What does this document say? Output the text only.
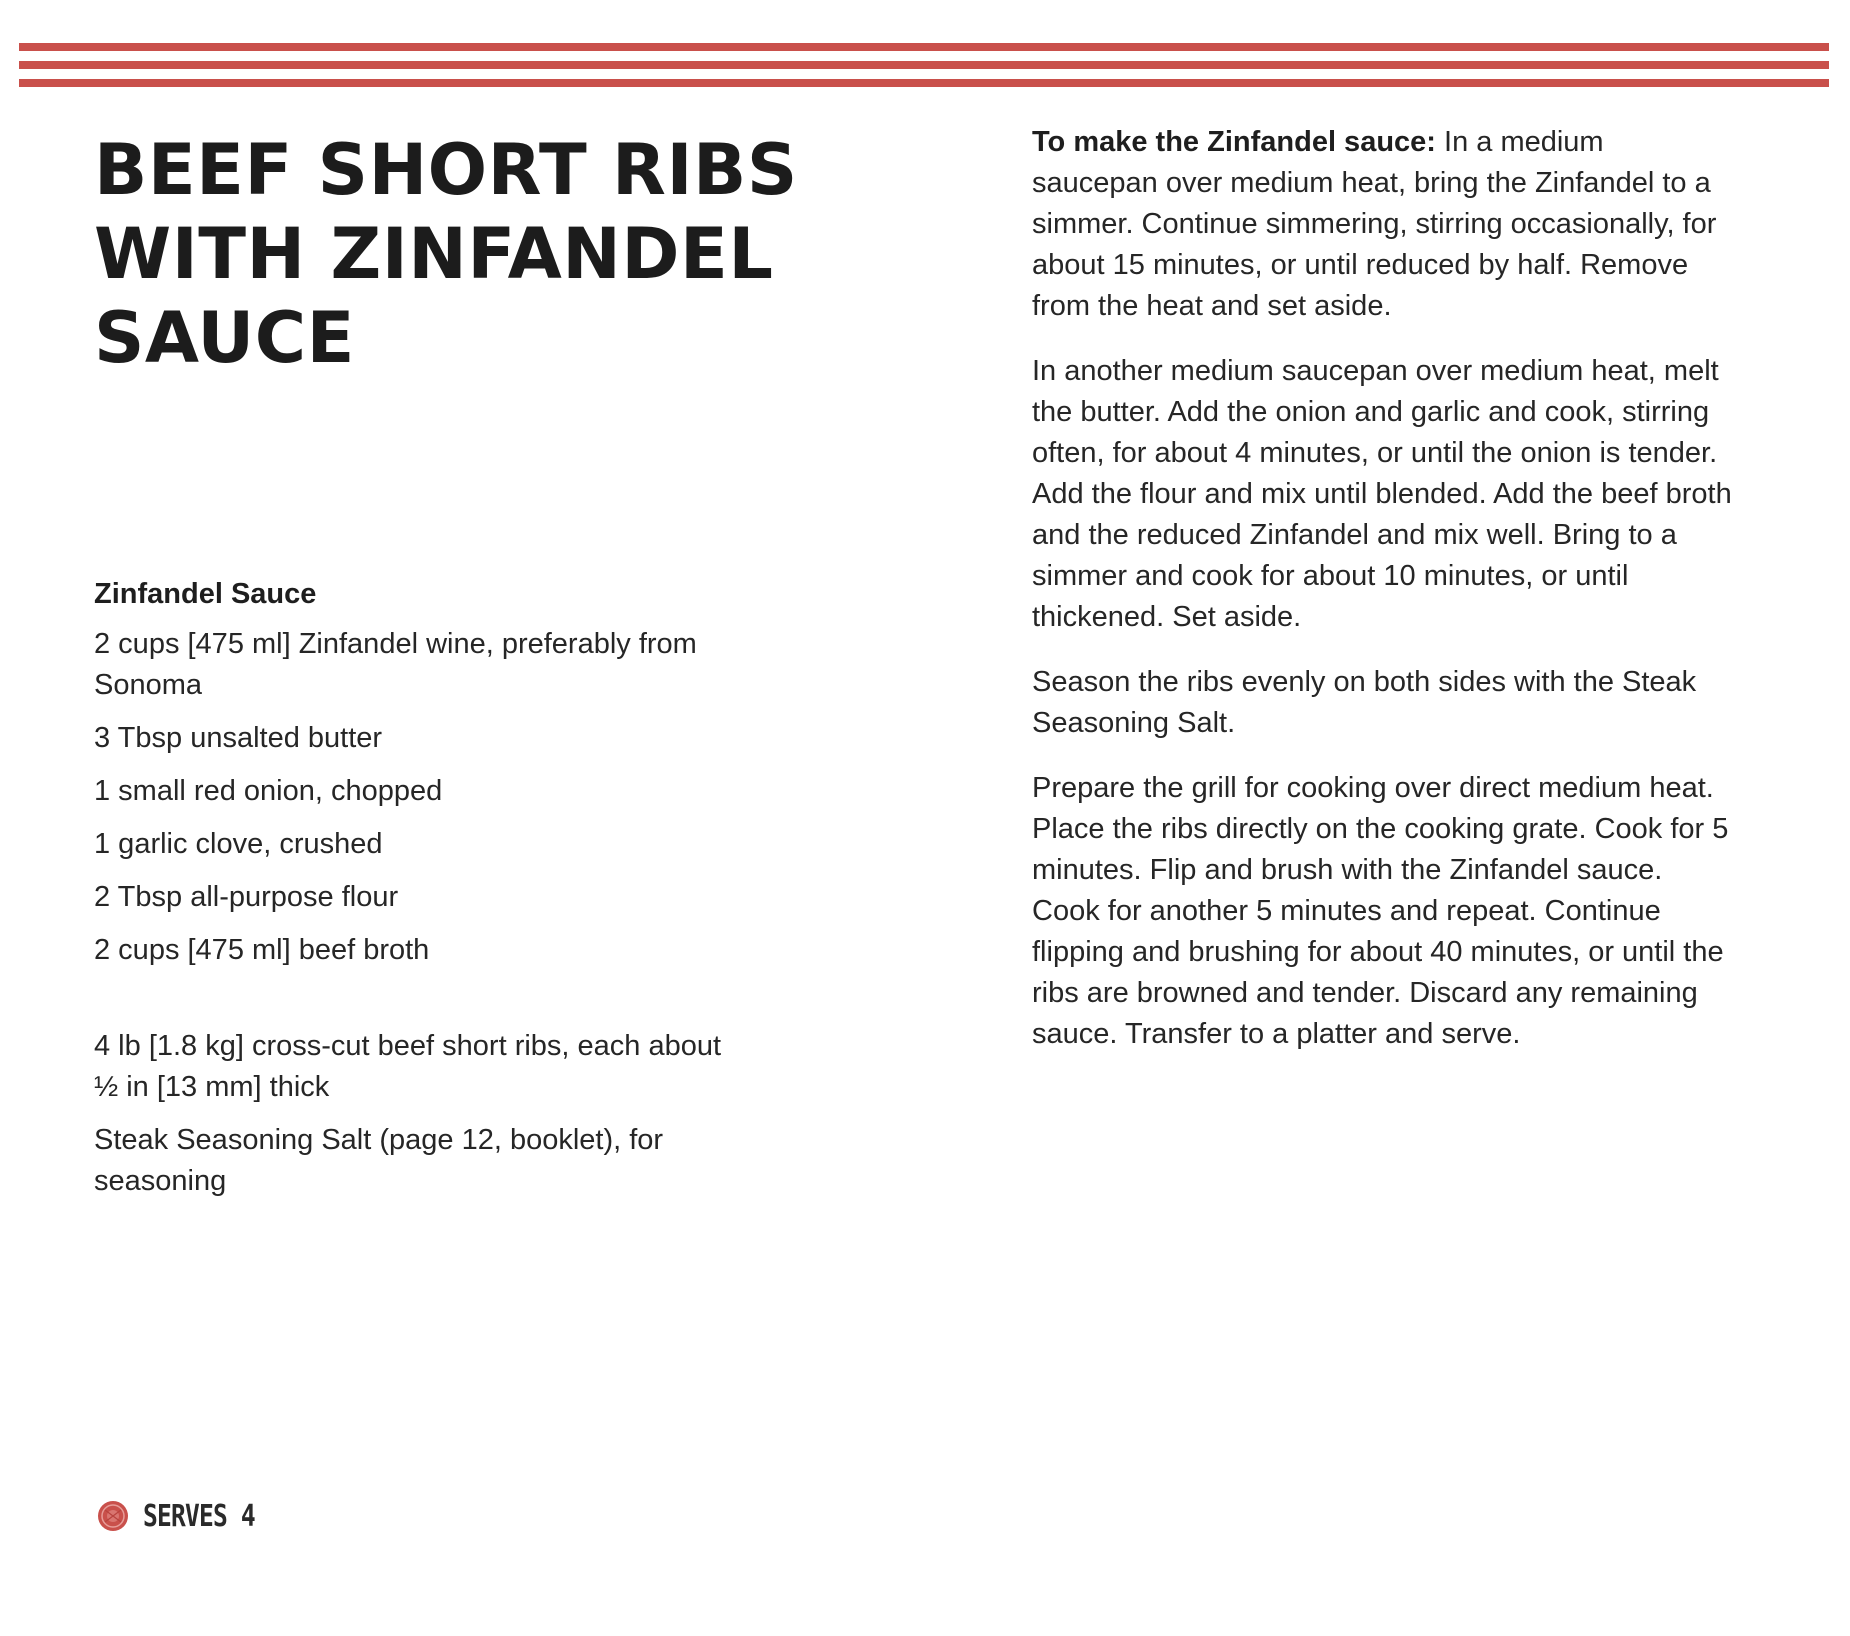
BEEF SHORT RIBS
WITH ZINFANDEL
SAUCE
Zinfandel Sauce
2 cups [475 ml] Zinfandel wine, preferably from Sonoma
3 Tbsp unsalted butter
1 small red onion, chopped
1 garlic clove, crushed
2 Tbsp all-purpose flour
2 cups [475 ml] beef broth
4 lb [1.8 kg] cross-cut beef short ribs, each about ½ in [13 mm] thick
Steak Seasoning Salt (page 12, booklet), for seasoning

To make the Zinfandel sauce: In a medium saucepan over medium heat, bring the Zinfandel to a simmer. Continue simmering, stirring occasionally, for about 15 minutes, or until reduced by half. Remove from the heat and set aside.

In another medium saucepan over medium heat, melt the butter. Add the onion and garlic and cook, stirring often, for about 4 minutes, or until the onion is tender. Add the flour and mix until blended. Add the beef broth and the reduced Zinfandel and mix well. Bring to a simmer and cook for about 10 minutes, or until thickened. Set aside.

Season the ribs evenly on both sides with the Steak Seasoning Salt.

Prepare the grill for cooking over direct medium heat. Place the ribs directly on the cooking grate. Cook for 5 minutes. Flip and brush with the Zinfandel sauce. Cook for another 5 minutes and repeat. Continue flipping and brushing for about 40 minutes, or until the ribs are browned and tender. Discard any remaining sauce. Transfer to a platter and serve.

SERVES 4
